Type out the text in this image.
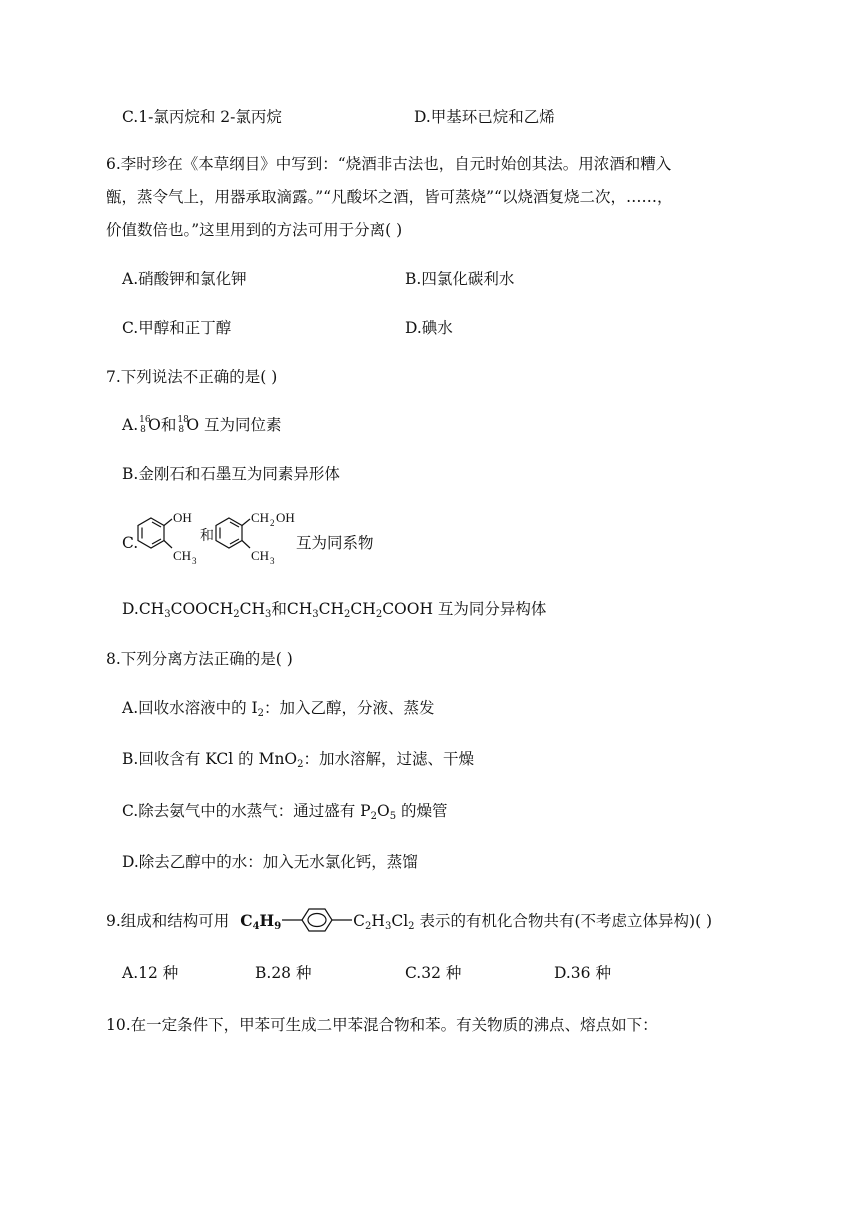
C.1-氯丙烷和 2-氯丙烷	D.甲基环已烷和乙烯
6.李时珍在《本草纲目》中写到：“烧酒非古法也，自元时始创其法。用浓酒和糟入
甑，蒸令气上，用器承取滴露。”“凡酸坏之酒，皆可蒸烧”“以烧酒复烧二次，……，
价值数倍也。”这里用到的方法可用于分离( )
A.硝酸钾和氯化钾	B.四氯化碳利水
C.甲醇和正丁醇	D.碘水
7.下列说法不正确的是( )
A. 16
8 O和 18
8 O 互为同位素
B.金刚石和石墨互为同素异形体
C.
OH
CH 3
和
CH 2 OH
CH 3
互为同系物
$D.CH_3COOCH_2CH_3$和$CH_3CH_2CH_2COOH$ 互为同分异构体
8.下列分离方法正确的是( )
A.回收水溶液中的 $I_2$：加入乙醇，分液、蒸发
B.回收含有 KCl 的 MnO$_2$：加水溶解，过滤、干燥
C.除去氨气中的水蒸气：通过盛有 $P_2O_5$ 的燥管
D.除去乙醇中的水：加入无水氯化钙，蒸馏
9.组成和结构可用 $C_4H_9$	$C_2H_3Cl_2$ 表示的有机化合物共有(不考虑立体异构)( )
A.12 种	B.28 种	C.32 种	D.36 种
10.在一定条件下，甲苯可生成二甲苯混合物和苯。有关物质的沸点、熔点如下：
